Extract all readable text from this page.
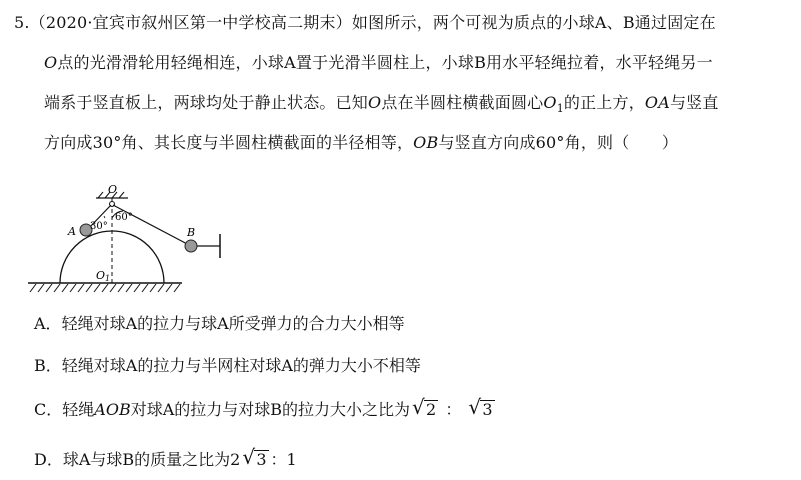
5.（2020·宜宾市叙州区第一中学校高二期末）如图所示，两个可视为质点的小球A、B通过固定在
O点的光滑滑轮用轻绳相连，小球A置于光滑半圆柱上，小球B用水平轻绳拉着，水平轻绳另一
端系于竖直板上，两球均处于静止状态。已知O点在半圆柱横截面圆心$O_1$的正上方，OA与竖直
方向成30°角、其长度与半圆柱横截面的半径相等，OB与竖直方向成60°角，则（　　）
O
60°
A 30°	B
O1
A．轻绳对球A的拉力与球A所受弹力的合力大小相等
B．轻绳对球A的拉力与半网柱对球A的弹力大小不相等
C．轻绳AOB对球A的拉力与对球B的拉力大小之比为 √ 2 ： √ 3
D．球A与球B的质量之比为2 √ 3 ：1
